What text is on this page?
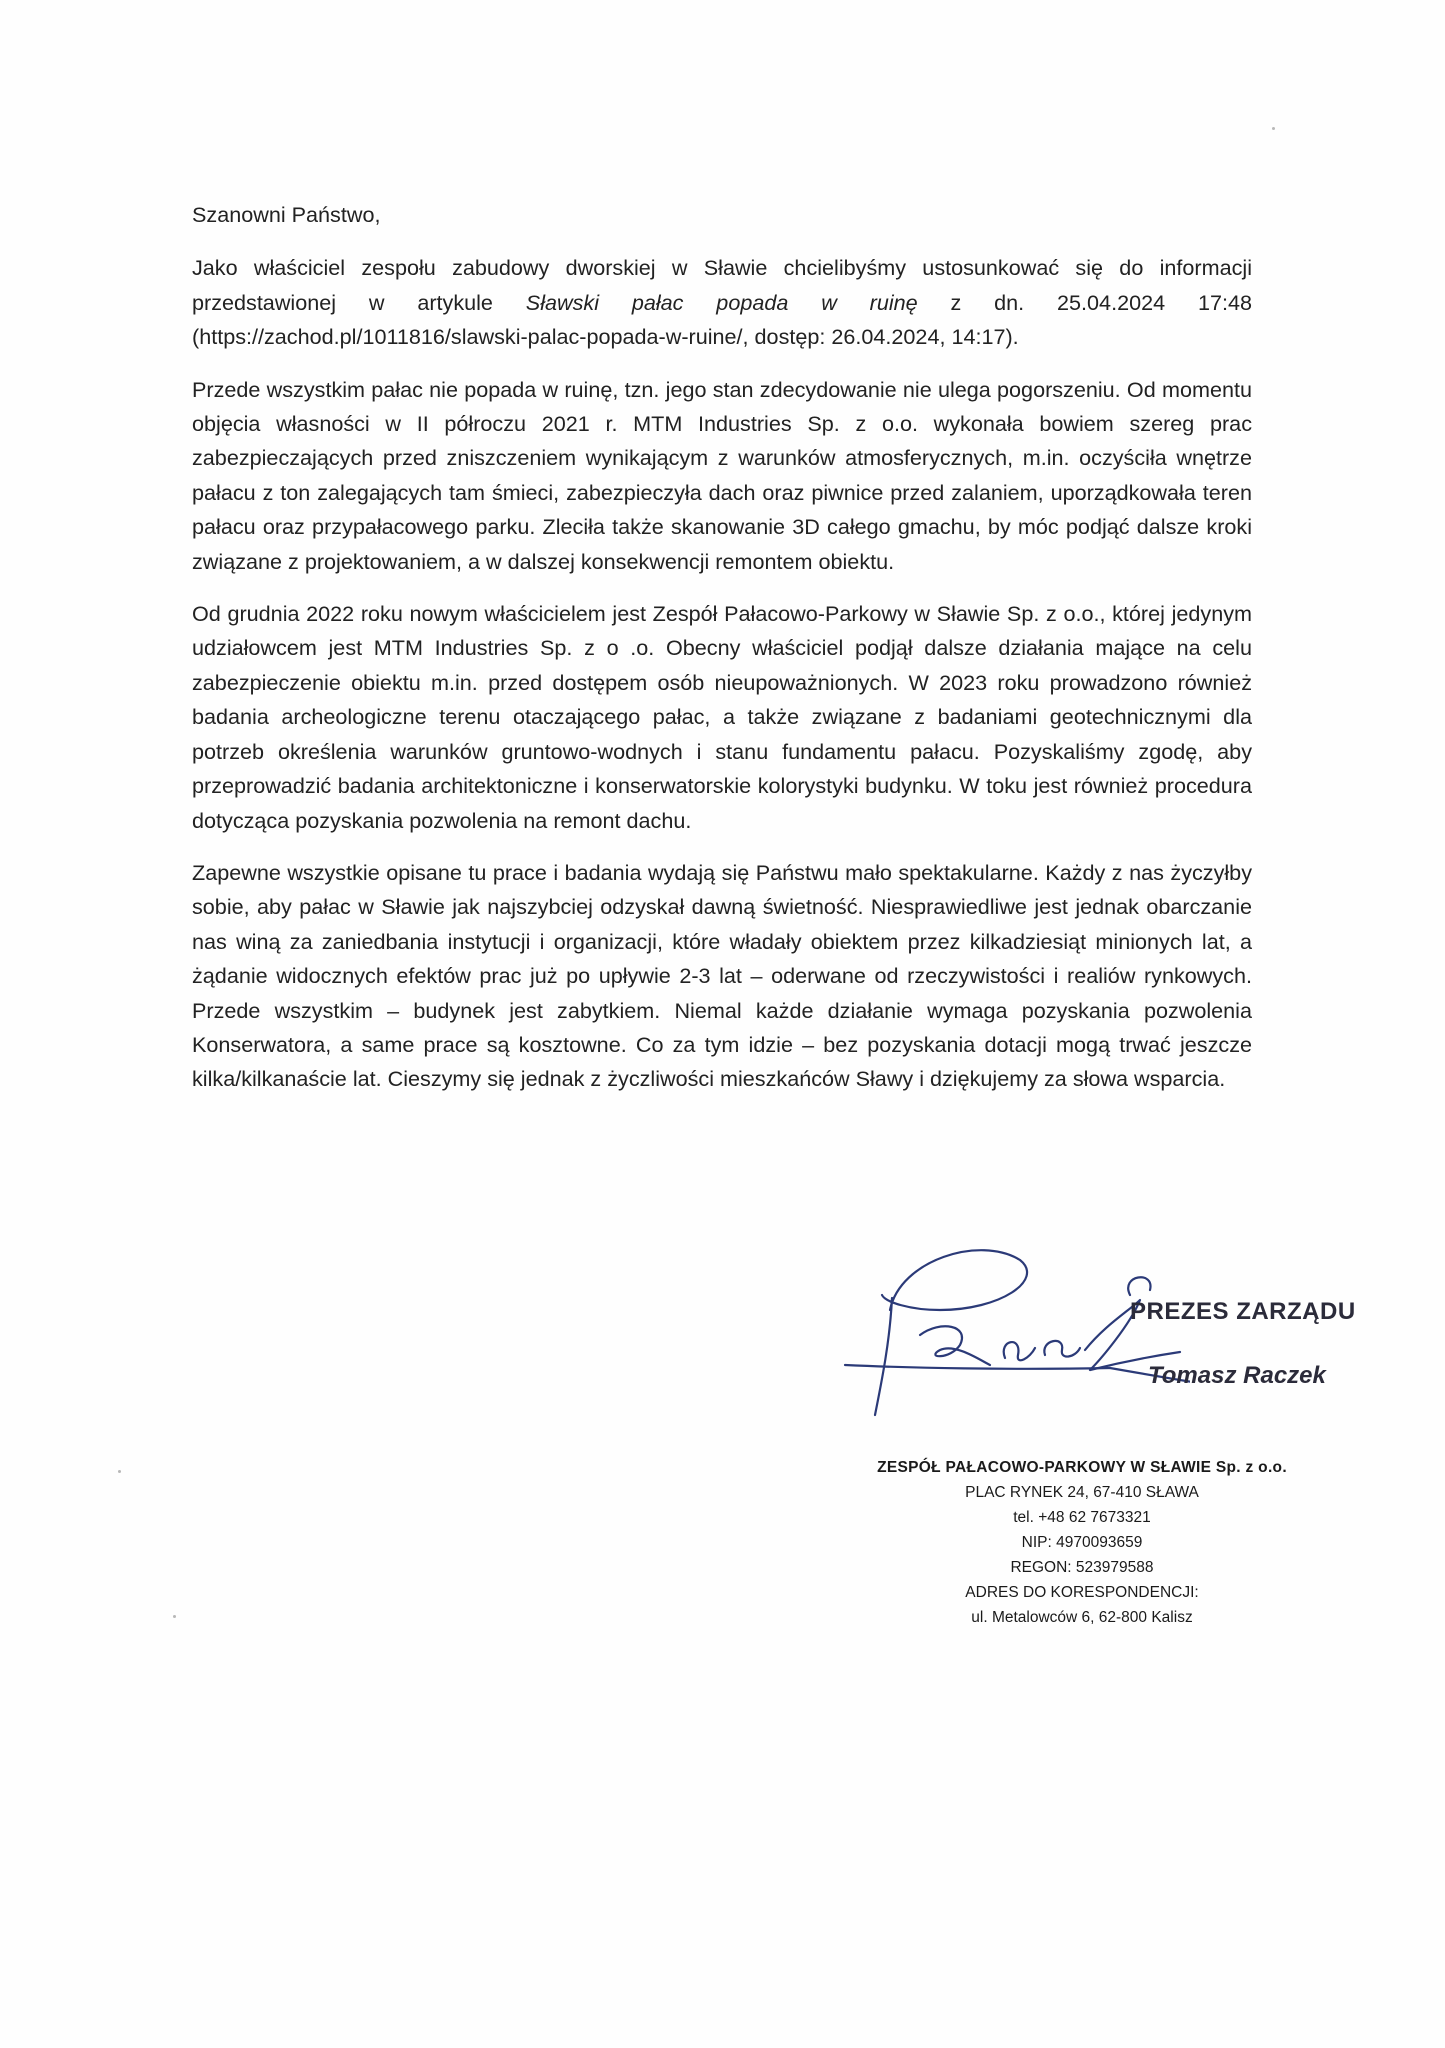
Szanowni Państwo,

Jako właściciel zespołu zabudowy dworskiej w Sławie chcielibyśmy ustosunkować się do informacji przedstawionej w artykule Sławski pałac popada w ruinę z dn. 25.04.2024 17:48 (https://zachod.pl/1011816/slawski-palac-popada-w-ruine/, dostęp: 26.04.2024, 14:17).

Przede wszystkim pałac nie popada w ruinę, tzn. jego stan zdecydowanie nie ulega pogorszeniu. Od momentu objęcia własności w II półroczu 2021 r. MTM Industries Sp. z o.o. wykonała bowiem szereg prac zabezpieczających przed zniszczeniem wynikającym z warunków atmosferycznych, m.in. oczyściła wnętrze pałacu z ton zalegających tam śmieci, zabezpieczyła dach oraz piwnice przed zalaniem, uporządkowała teren pałacu oraz przypałacowego parku. Zleciła także skanowanie 3D całego gmachu, by móc podjąć dalsze kroki związane z projektowaniem, a w dalszej konsekwencji remontem obiektu.

Od grudnia 2022 roku nowym właścicielem jest Zespół Pałacowo-Parkowy w Sławie Sp. z o.o., której jedynym udziałowcem jest MTM Industries Sp. z o .o. Obecny właściciel podjął dalsze działania mające na celu zabezpieczenie obiektu m.in. przed dostępem osób nieupoważnionych. W 2023 roku prowadzono również badania archeologiczne terenu otaczającego pałac, a także związane z badaniami geotechnicznymi dla potrzeb określenia warunków gruntowo-wodnych i stanu fundamentu pałacu. Pozyskaliśmy zgodę, aby przeprowadzić badania architektoniczne i konserwatorskie kolorystyki budynku. W toku jest również procedura dotycząca pozyskania pozwolenia na remont dachu.

Zapewne wszystkie opisane tu prace i badania wydają się Państwu mało spektakularne. Każdy z nas życzyłby sobie, aby pałac w Sławie jak najszybciej odzyskał dawną świetność. Niesprawiedliwe jest jednak obarczanie nas winą za zaniedbania instytucji i organizacji, które władały obiektem przez kilkadziesiąt minionych lat, a żądanie widocznych efektów prac już po upływie 2-3 lat – oderwane od rzeczywistości i realiów rynkowych. Przede wszystkim – budynek jest zabytkiem. Niemal każde działanie wymaga pozyskania pozwolenia Konserwatora, a same prace są kosztowne. Co za tym idzie – bez pozyskania dotacji mogą trwać jeszcze kilka/kilkanaście lat. Cieszymy się jednak z życzliwości mieszkańców Sławy i dziękujemy za słowa wsparcia.

PREZES ZARZĄDU
Tomasz Raczek
ZESPÓŁ PAŁACOWO-PARKOWY W SŁAWIE Sp. z o.o.
PLAC RYNEK 24, 67-410 SŁAWA
tel. +48 62 7673321
NIP: 4970093659
REGON: 523979588
ADRES DO KORESPONDENCJI:
ul. Metalowców 6, 62-800 Kalisz
